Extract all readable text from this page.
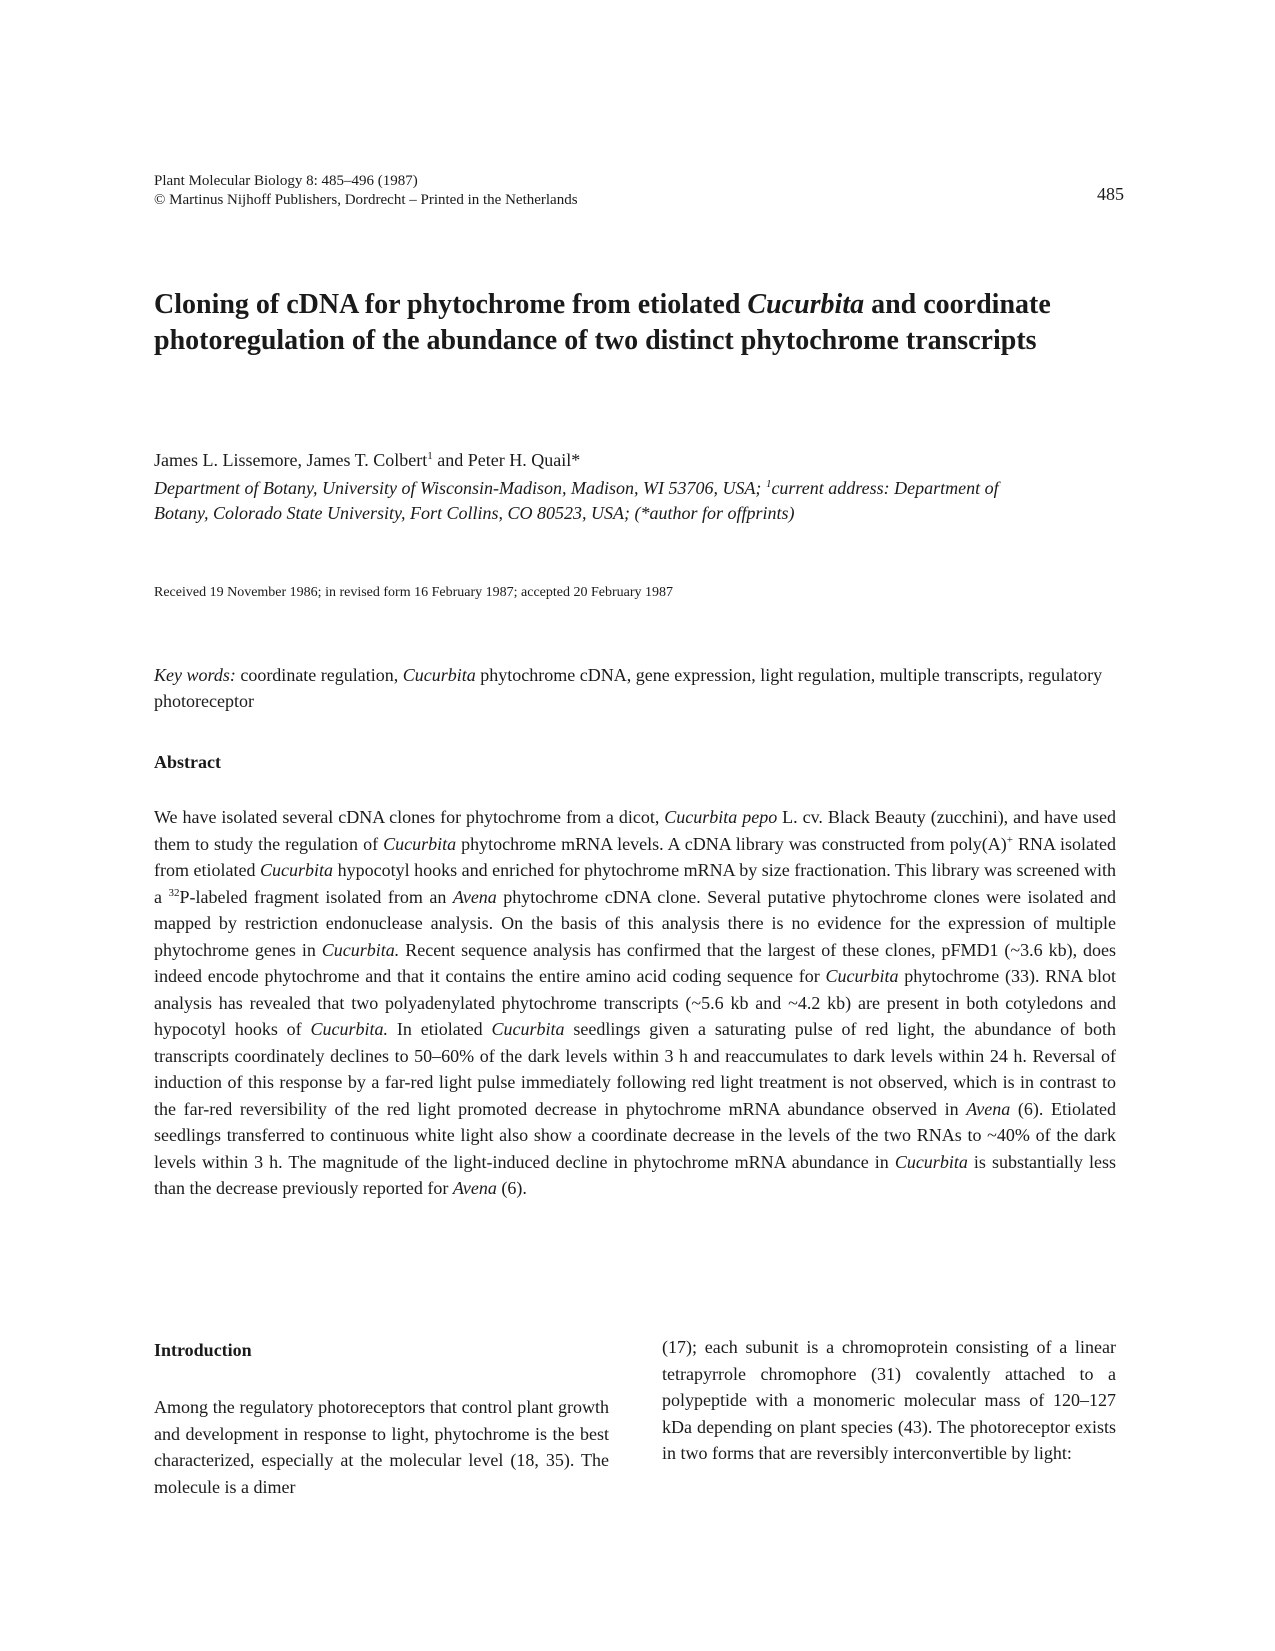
Plant Molecular Biology 8: 485–496 (1987)
© Martinus Nijhoff Publishers, Dordrecht – Printed in the Netherlands	485
Cloning of cDNA for phytochrome from etiolated Cucurbita and coordinate photoregulation of the abundance of two distinct phytochrome transcripts
James L. Lissemore, James T. Colbert$^1$ and Peter H. Quail*
Department of Botany, University of Wisconsin-Madison, Madison, WI 53706, USA; $^1$current address: Department of Botany, Colorado State University, Fort Collins, CO 80523, USA; (*author for offprints)
Received 19 November 1986; in revised form 16 February 1987; accepted 20 February 1987
Key words: coordinate regulation, Cucurbita phytochrome cDNA, gene expression, light regulation, multiple transcripts, regulatory photoreceptor
Abstract

We have isolated several cDNA clones for phytochrome from a dicot, Cucurbita pepo L. cv. Black Beauty (zucchini), and have used them to study the regulation of Cucurbita phytochrome mRNA levels. A cDNA library was constructed from poly(A)+ RNA isolated from etiolated Cucurbita hypocotyl hooks and enriched for phytochrome mRNA by size fractionation. This library was screened with a $^{32}$P-labeled fragment isolated from an Avena phytochrome cDNA clone. Several putative phytochrome clones were isolated and mapped by restriction endonuclease analysis. On the basis of this analysis there is no evidence for the expression of multiple phytochrome genes in Cucurbita. Recent sequence analysis has confirmed that the largest of these clones, pFMD1 (~3.6 kb), does indeed encode phytochrome and that it contains the entire amino acid coding sequence for Cucurbita phytochrome (33). RNA blot analysis has revealed that two polyadenylated phytochrome transcripts (~5.6 kb and ~4.2 kb) are present in both cotyledons and hypocotyl hooks of Cucurbita. In etiolated Cucurbita seedlings given a saturating pulse of red light, the abundance of both transcripts coordinately declines to 50–60% of the dark levels within 3 h and reaccumulates to dark levels within 24 h. Reversal of induction of this response by a far-red light pulse immediately following red light treatment is not observed, which is in contrast to the far-red reversibility of the red light promoted decrease in phytochrome mRNA abundance observed in Avena (6). Etiolated seedlings transferred to continuous white light also show a coordinate decrease in the levels of the two RNAs to ~40% of the dark levels within 3 h. The magnitude of the light-induced decline in phytochrome mRNA abundance in Cucurbita is substantially less than the decrease previously reported for Avena (6).

Introduction

Among the regulatory photoreceptors that control plant growth and development in response to light, phytochrome is the best characterized, especially at the molecular level (18, 35). The molecule is a dimer

(17); each subunit is a chromoprotein consisting of a linear tetrapyrrole chromophore (31) covalently attached to a polypeptide with a monomeric molecular mass of 120–127 kDa depending on plant species (43). The photoreceptor exists in two forms that are reversibly interconvertible by light:
